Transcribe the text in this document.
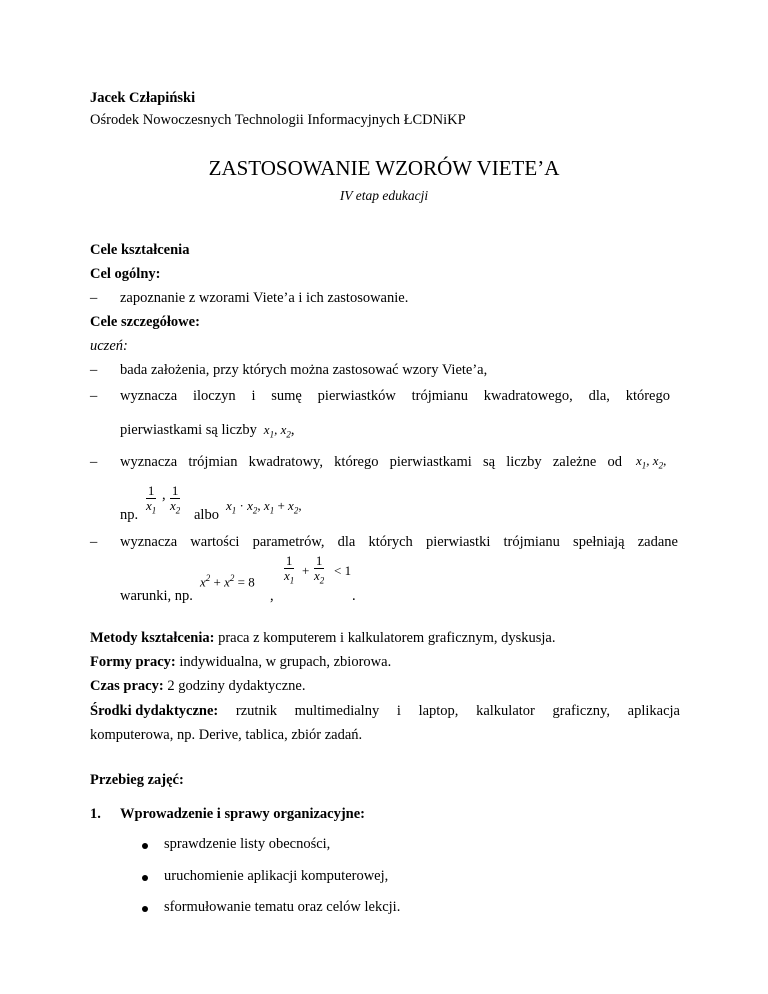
Jacek Człapiński
Ośrodek Nowoczesnych Technologii Informacyjnych ŁCDNiKP
ZASTOSOWANIE WZORÓW VIETE’A
IV etap edukacji
Cele kształcenia
Cel ogólny:
– zapoznanie z wzorami Viete’a i ich zastosowanie.
Cele szczegółowe:
uczeń:
– bada założenia, przy których można zastosować wzory Viete’a,
– wyznacza iloczyn i sumę pierwiastków trójmianu kwadratowego, dla, którego
pierwiastkami są liczby $x_1$, $x_2$,
– wyznacza trójmian kwadratowy, którego pierwiastkami są liczby zależne od $x_1$, $x_2$,
np. $\frac{1}{x_1}$ , $\frac{1}{x_2}$ albo
$x_1 \cdot x_2$, $x_1 + x_2$,
– wyznacza wartości parametrów, dla których pierwiastki trójmianu spełniają zadane
warunki, np.
$x^2 + x^2 = 8$
,
$\frac{1}{x_1} + \frac{1}{x_2} < 1$
.
Metody kształcenia: praca z komputerem i kalkulatorem graficznym, dyskusja.
Formy pracy: indywidualna, w grupach, zbiorowa.
Czas pracy: 2 godziny dydaktyczne.
Środki dydaktyczne: rzutnik multimedialny i laptop, kalkulator graficzny, aplikacja
komputerowa, np. Derive, tablica, zbiór zadań.
Przebieg zajęć:
1. Wprowadzenie i sprawy organizacyjne:
sprawdzenie listy obecności,
uruchomienie aplikacji komputerowej,
sformułowanie tematu oraz celów lekcji.
